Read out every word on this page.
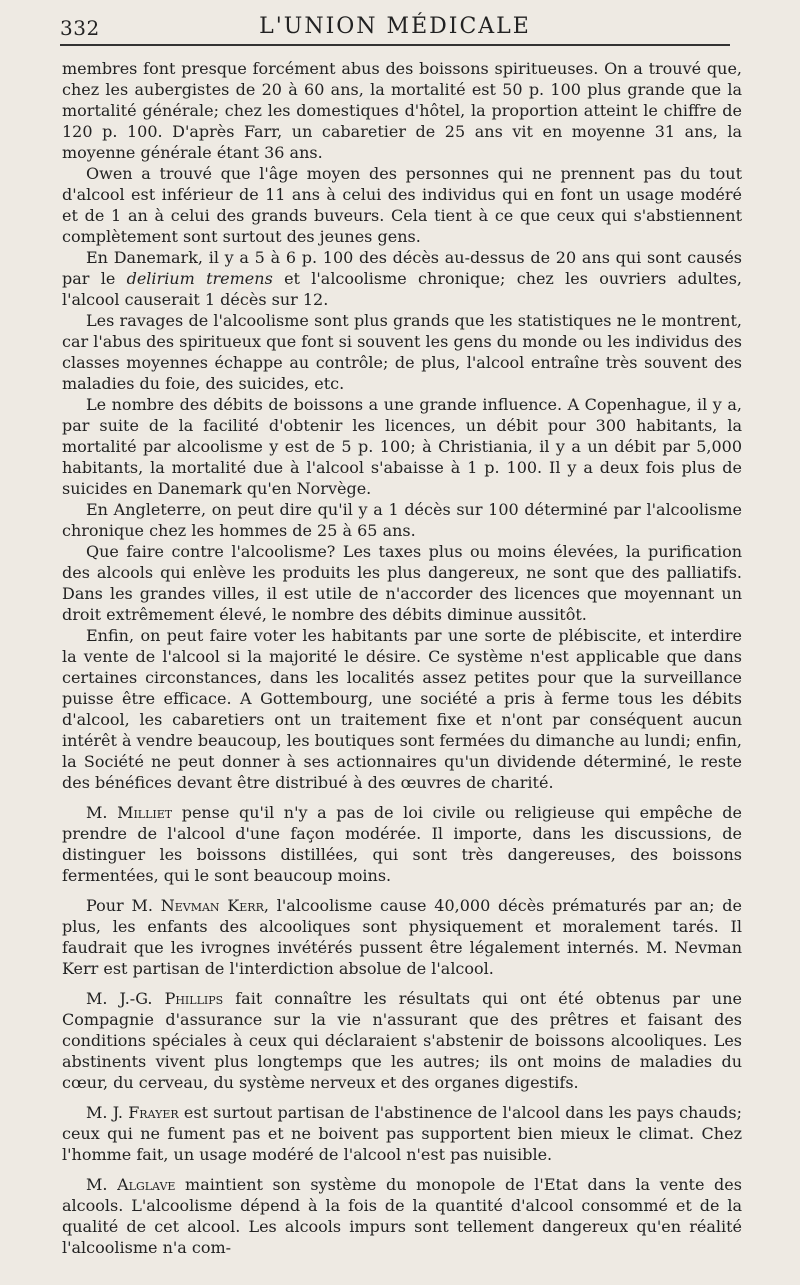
332	L'UNION MÉDICALE

membres font presque forcément abus des boissons spiritueuses. On a trouvé que, chez les aubergistes de 20 à 60 ans, la mortalité est 50 p. 100 plus grande que la mortalité générale; chez les domestiques d'hôtel, la proportion atteint le chiffre de 120 p. 100. D'après Farr, un cabaretier de 25 ans vit en moyenne 31 ans, la moyenne générale étant 36 ans.

Owen a trouvé que l'âge moyen des personnes qui ne prennent pas du tout d'alcool est inférieur de 11 ans à celui des individus qui en font un usage modéré et de 1 an à celui des grands buveurs. Cela tient à ce que ceux qui s'abstiennent complètement sont surtout des jeunes gens.

En Danemark, il y a 5 à 6 p. 100 des décès au-dessus de 20 ans qui sont causés par le delirium tremens et l'alcoolisme chronique; chez les ouvriers adultes, l'alcool causerait 1 décès sur 12.

Les ravages de l'alcoolisme sont plus grands que les statistiques ne le montrent, car l'abus des spiritueux que font si souvent les gens du monde ou les individus des classes moyennes échappe au contrôle; de plus, l'alcool entraîne très souvent des maladies du foie, des suicides, etc.

Le nombre des débits de boissons a une grande influence. A Copenhague, il y a, par suite de la facilité d'obtenir les licences, un débit pour 300 habitants, la mortalité par alcoolisme y est de 5 p. 100; à Christiania, il y a un débit par 5,000 habitants, la mortalité due à l'alcool s'abaisse à 1 p. 100. Il y a deux fois plus de suicides en Danemark qu'en Norvège.

En Angleterre, on peut dire qu'il y a 1 décès sur 100 déterminé par l'alcoolisme chronique chez les hommes de 25 à 65 ans.

Que faire contre l'alcoolisme? Les taxes plus ou moins élevées, la purification des alcools qui enlève les produits les plus dangereux, ne sont que des palliatifs. Dans les grandes villes, il est utile de n'accorder des licences que moyennant un droit extrêmement élevé, le nombre des débits diminue aussitôt.

Enfin, on peut faire voter les habitants par une sorte de plébiscite, et interdire la vente de l'alcool si la majorité le désire. Ce système n'est applicable que dans certaines circonstances, dans les localités assez petites pour que la surveillance puisse être efficace. A Gottembourg, une société a pris à ferme tous les débits d'alcool, les cabaretiers ont un traitement fixe et n'ont par conséquent aucun intérêt à vendre beaucoup, les boutiques sont fermées du dimanche au lundi; enfin, la Société ne peut donner à ses actionnaires qu'un dividende déterminé, le reste des bénéfices devant être distribué à des œuvres de charité.

M. Milliet pense qu'il n'y a pas de loi civile ou religieuse qui empêche de prendre de l'alcool d'une façon modérée. Il importe, dans les discussions, de distinguer les boissons distillées, qui sont très dangereuses, des boissons fermentées, qui le sont beaucoup moins.

Pour M. Nevman Kerr, l'alcoolisme cause 40,000 décès prématurés par an; de plus, les enfants des alcooliques sont physiquement et moralement tarés. Il faudrait que les ivrognes invétérés pussent être légalement internés. M. Nevman Kerr est partisan de l'interdiction absolue de l'alcool.

M. J.-G. Phillips fait connaître les résultats qui ont été obtenus par une Compagnie d'assurance sur la vie n'assurant que des prêtres et faisant des conditions spéciales à ceux qui déclaraient s'abstenir de boissons alcooliques. Les abstinents vivent plus longtemps que les autres; ils ont moins de maladies du cœur, du cerveau, du système nerveux et des organes digestifs.

M. J. Frayer est surtout partisan de l'abstinence de l'alcool dans les pays chauds; ceux qui ne fument pas et ne boivent pas supportent bien mieux le climat. Chez l'homme fait, un usage modéré de l'alcool n'est pas nuisible.

M. Alglave maintient son système du monopole de l'Etat dans la vente des alcools. L'alcoolisme dépend à la fois de la quantité d'alcool consommé et de la qualité de cet alcool. Les alcools impurs sont tellement dangereux qu'en réalité l'alcoolisme n'a com-
